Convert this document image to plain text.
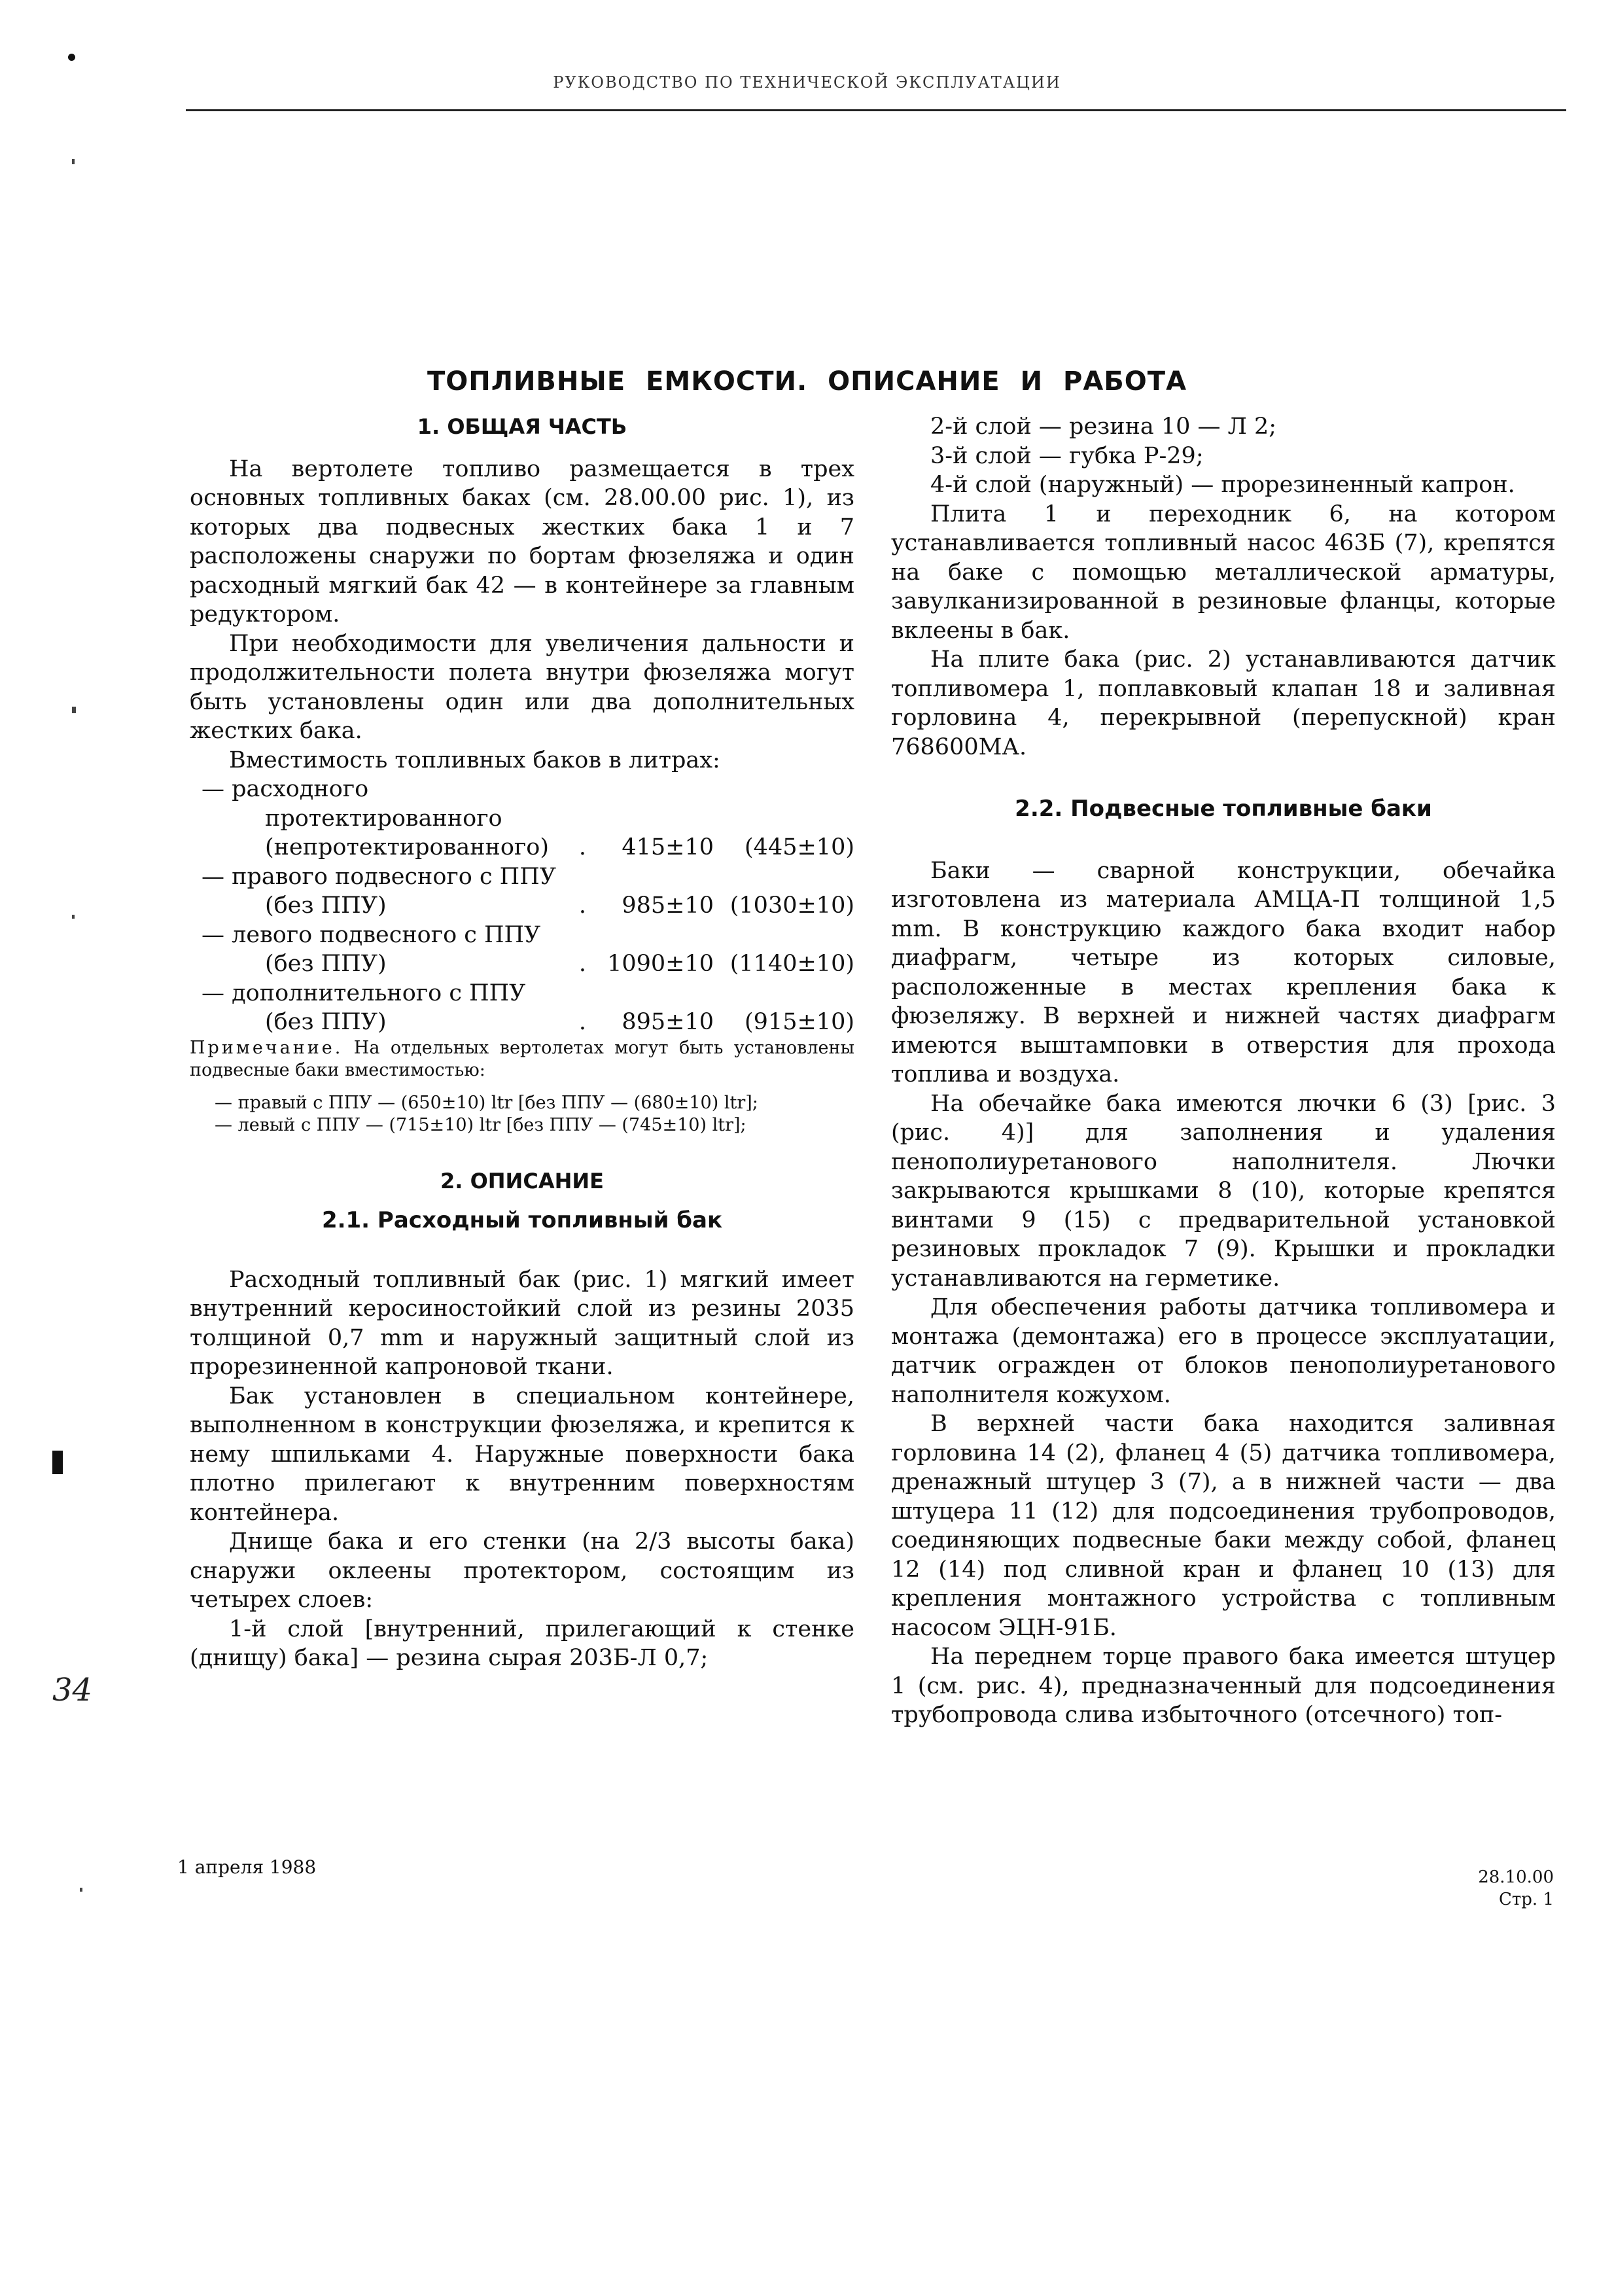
34
РУКОВОДСТВО ПО ТЕХНИЧЕСКОЙ ЭКСПЛУАТАЦИИ
ТОПЛИВНЫЕ ЕМКОСТИ. ОПИСАНИЕ И РАБОТА

1. ОБЩАЯ ЧАСТЬ

На вертолете топливо размещается в трех основных топливных баках (см. 28.00.00 рис. 1), из которых два подвесных жестких бака 1 и 7 расположены снаружи по бортам фюзеляжа и один расходный мягкий бак 42 — в контейнере за главным редуктором.

При необходимости для увеличения дальности и продолжительности полета внутри фюзеляжа могут быть установлены один или два дополнительных жестких бака.

Вместимость топливных баков в литрах:

— расходного протектированного (непротектированного)	.	415±10	(445±10)
— правого подвесного с ППУ (без ППУ)	.	985±10 (1030±10)
— левого подвесного с ППУ (без ППУ)	. 1090±10 (1140±10)
— дополнительного с ППУ (без ППУ)	.	895±10	(915±10)

Примечание. На отдельных вертолетах могут быть установлены подвесные баки вместимостью:

— правый с ППУ — (650±10) ltr [без ППУ — (680±10) ltr];

— левый с ППУ — (715±10) ltr [без ППУ — (745±10) ltr];

2. ОПИСАНИЕ

2.1. Расходный топливный бак

Расходный топливный бак (рис. 1) мягкий имеет внутренний керосиностойкий слой из резины 2035 толщиной 0,7 mm и наружный защитный слой из прорезиненной капроновой ткани.

Бак установлен в специальном контейнере, выполненном в конструкции фюзеляжа, и крепится к нему шпильками 4. Наружные поверхности бака плотно прилегают к внутренним поверхностям контейнера.

Днище бака и его стенки (на 2/3 высоты бака) снаружи оклеены протектором, состоящим из четырех слоев:

1-й слой [внутренний, прилегающий к стенке (днищу) бака] — резина сырая 203Б-Л 0,7;

2-й слой — резина 10 — Л 2;

3-й слой — губка Р-29;

4-й слой (наружный) — прорезиненный капрон.

Плита 1 и переходник 6, на котором устанавливается топливный насос 463Б (7), крепятся на баке с помощью металлической арматуры, завулканизированной в резиновые фланцы, которые вклеены в бак.

На плите бака (рис. 2) устанавливаются датчик топливомера 1, поплавковый клапан 18 и заливная горловина 4, перекрывной (перепускной) кран 768600МА.

2.2. Подвесные топливные баки

Баки — сварной конструкции, обечайка изготовлена из материала АМЦА-П толщиной 1,5 mm. В конструкцию каждого бака входит набор диафрагм, четыре из которых силовые, расположенные в местах крепления бака к фюзеляжу. В верхней и нижней частях диафрагм имеются выштамповки в отверстия для прохода топлива и воздуха.

На обечайке бака имеются лючки 6 (3) [рис. 3 (рис. 4)] для заполнения и удаления пенополиуретанового наполнителя. Лючки закрываются крышками 8 (10), которые крепятся винтами 9 (15) с предварительной установкой резиновых прокладок 7 (9). Крышки и прокладки устанавливаются на герметике.

Для обеспечения работы датчика топливомера и монтажа (демонтажа) его в процессе эксплуатации, датчик огражден от блоков пенополиуретанового наполнителя кожухом.

В верхней части бака находится заливная горловина 14 (2), фланец 4 (5) датчика топливомера, дренажный штуцер 3 (7), а в нижней части — два штуцера 11 (12) для подсоединения трубопроводов, соединяющих подвесные баки между собой, фланец 12 (14) под сливной кран и фланец 10 (13) для крепления монтажного устройства с топливным насосом ЭЦН-91Б.

На переднем торце правого бака имеется штуцер 1 (см. рис. 4), предназначенный для подсоединения трубопровода слива избыточного (отсечного) топ-

1 апреля 1988	28.10.00
Стр. 1
